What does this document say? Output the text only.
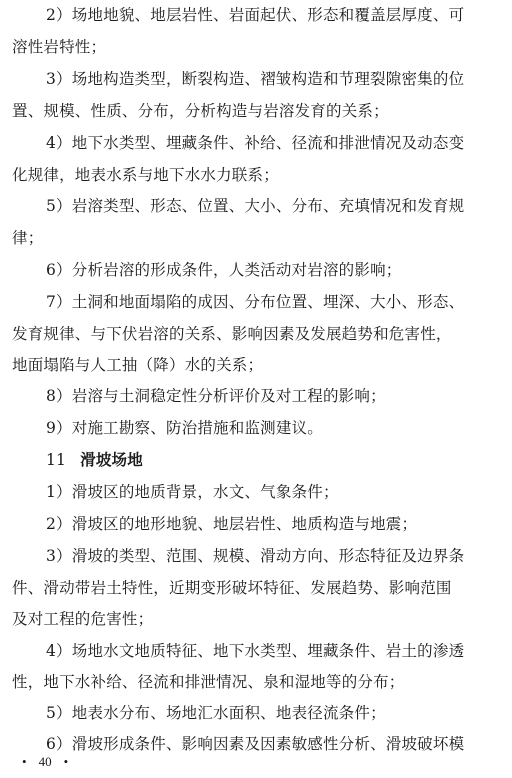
2）场地地貌、地层岩性、岩面起伏、形态和覆盖层厚度、可
溶性岩特性；
3）场地构造类型，断裂构造、褶皱构造和节理裂隙密集的位
置、规模、性质、分布，分析构造与岩溶发育的关系；
4）地下水类型、埋藏条件、补给、径流和排泄情况及动态变
化规律，地表水系与地下水水力联系；
5）岩溶类型、形态、位置、大小、分布、充填情况和发育规
律；
6）分析岩溶的形成条件，人类活动对岩溶的影响；
7）土洞和地面塌陷的成因、分布位置、埋深、大小、形态、
发育规律、与下伏岩溶的关系、影响因素及发展趋势和危害性，
地面塌陷与人工抽（降）水的关系；
8）岩溶与土洞稳定性分析评价及对工程的影响；
9）对施工勘察、防治措施和监测建议。
11 滑坡场地
1）滑坡区的地质背景，水文、气象条件；
2）滑坡区的地形地貌、地层岩性、地质构造与地震；
3）滑坡的类型、范围、规模、滑动方向、形态特征及边界条
件、滑动带岩土特性，近期变形破坏特征、发展趋势、影响范围
及对工程的危害性；
4）场地水文地质特征、地下水类型、埋藏条件、岩土的渗透
性，地下水补给、径流和排泄情况、泉和湿地等的分布；
5）地表水分布、场地汇水面积、地表径流条件；
6）滑坡形成条件、影响因素及因素敏感性分析、滑坡破坏模
• 40 •
